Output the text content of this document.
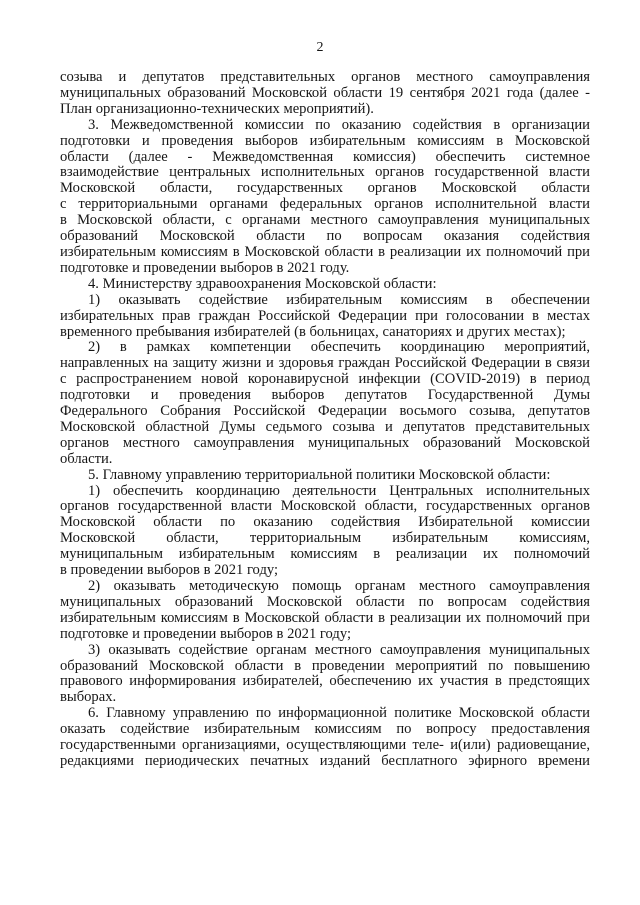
2
созыва и депутатов представительных органов местного самоуправления
муниципальных образований Московской области 19 сентября 2021 года (далее -
План организационно-технических мероприятий).
3. Межведомственной комиссии по оказанию содействия в организации
подготовки и проведения выборов избирательным комиссиям в Московской
области (далее - Межведомственная комиссия) обеспечить системное
взаимодействие центральных исполнительных органов государственной власти
Московской области, государственных органов Московской области
с территориальными органами федеральных органов исполнительной власти
в Московской области, с органами местного самоуправления муниципальных
образований Московской области по вопросам оказания содействия
избирательным комиссиям в Московской области в реализации их полномочий при
подготовке и проведении выборов в 2021 году.
4. Министерству здравоохранения Московской области:
1) оказывать содействие избирательным комиссиям в обеспечении
избирательных прав граждан Российской Федерации при голосовании в местах
временного пребывания избирателей (в больницах, санаториях и других местах);
2) в рамках компетенции обеспечить координацию мероприятий,
направленных на защиту жизни и здоровья граждан Российской Федерации в связи
с распространением новой коронавирусной инфекции (COVID-2019) в период
подготовки и проведения выборов депутатов Государственной Думы
Федерального Собрания Российской Федерации восьмого созыва, депутатов
Московской областной Думы седьмого созыва и депутатов представительных
органов местного самоуправления муниципальных образований Московской
области.
5. Главному управлению территориальной политики Московской области:
1) обеспечить координацию деятельности Центральных исполнительных
органов государственной власти Московской области, государственных органов
Московской области по оказанию содействия Избирательной комиссии
Московской области, территориальным избирательным комиссиям,
муниципальным избирательным комиссиям в реализации их полномочий
в проведении выборов в 2021 году;
2) оказывать методическую помощь органам местного самоуправления
муниципальных образований Московской области по вопросам содействия
избирательным комиссиям в Московской области в реализации их полномочий при
подготовке и проведении выборов в 2021 году;
3) оказывать содействие органам местного самоуправления муниципальных
образований Московской области в проведении мероприятий по повышению
правового информирования избирателей, обеспечению их участия в предстоящих
выборах.
6. Главному управлению по информационной политике Московской области
оказать содействие избирательным комиссиям по вопросу предоставления
государственными организациями, осуществляющими теле- и(или) радиовещание,
редакциями периодических печатных изданий бесплатного эфирного времени
